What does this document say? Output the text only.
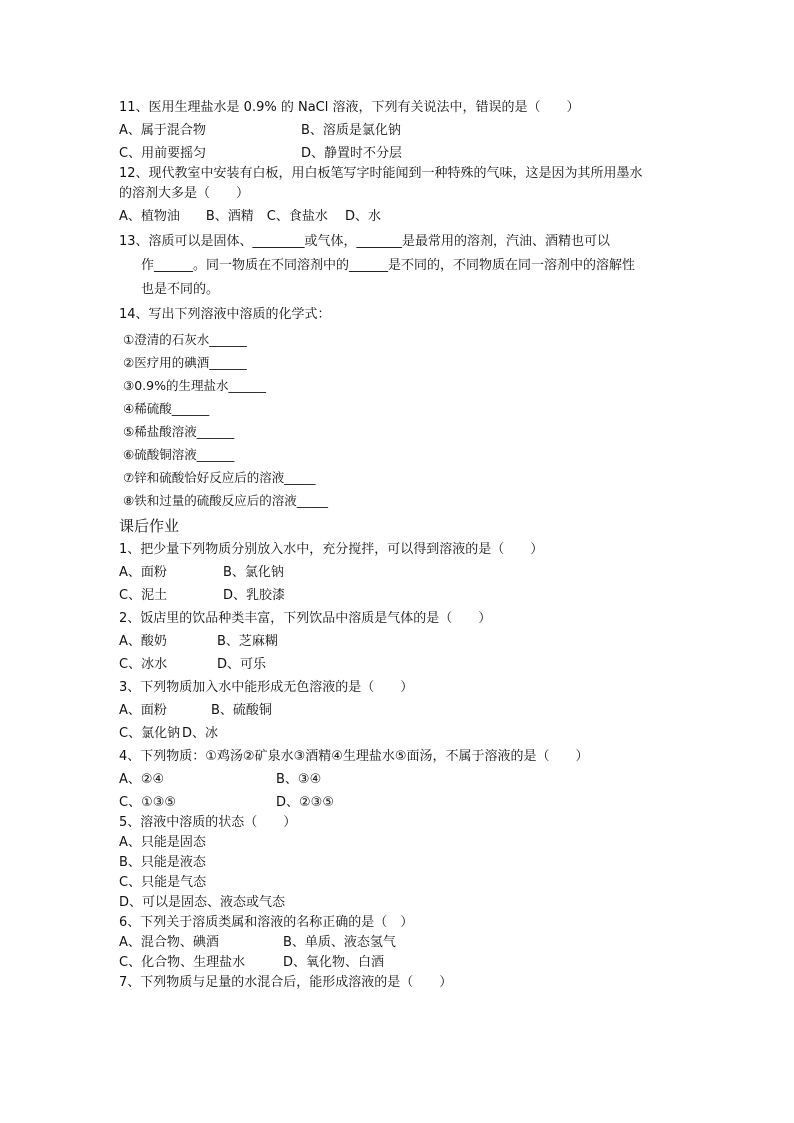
11、医用生理盐水是 0.9% 的 NaCl 溶液，下列有关说法中，错误的是（　　）
A、属于混合物	B、溶质是氯化钠
C、用前要摇匀	D、静置时不分层
12、现代教室中安装有白板，用白板笔写字时能闻到一种特殊的气味，这是因为其所用墨水
的溶剂大多是（　　）
A、植物油　　B、酒精　C、食盐水　 D、水
13、溶质可以是固体、________或气体，_______是最常用的溶剂，汽油、酒精也可以
作______。同一物质在不同溶剂中的______是不同的，不同物质在同一溶剂中的溶解性
也是不同的。
14、写出下列溶液中溶质的化学式：
①澄清的石灰水______
②医疗用的碘酒______
③0.9%的生理盐水______
④稀硫酸______
⑤稀盐酸溶液______
⑥硫酸铜溶液______
⑦锌和硫酸恰好反应后的溶液_____
⑧铁和过量的硫酸反应后的溶液_____
课后作业
1、把少量下列物质分别放入水中，充分搅拌，可以得到溶液的是（　　）
A、面粉	B、氯化钠
C、泥土	D、乳胶漆
2、饭店里的饮品种类丰富，下列饮品中溶质是气体的是（　　）
A、酸奶	B、芝麻糊
C、冰水	D、可乐
3、下列物质加入水中能形成无色溶液的是（　　）
A、面粉	B、硫酸铜
C、氯化钠 D、冰
4、下列物质：①鸡汤②矿泉水③酒精④生理盐水⑤面汤，不属于溶液的是（　　）
A、②④	B、③④
C、①③⑤	D、②③⑤
5、溶液中溶质的状态（　　）
A、只能是固态
B、只能是液态
C、只能是气态
D、可以是固态、液态或气态
6、下列关于溶质类属和溶液的名称正确的是（　）
A、混合物、碘酒	B、单质、液态氢气
C、化合物、生理盐水	D、氧化物、白酒
7、下列物质与足量的水混合后，能形成溶液的是（　　）
